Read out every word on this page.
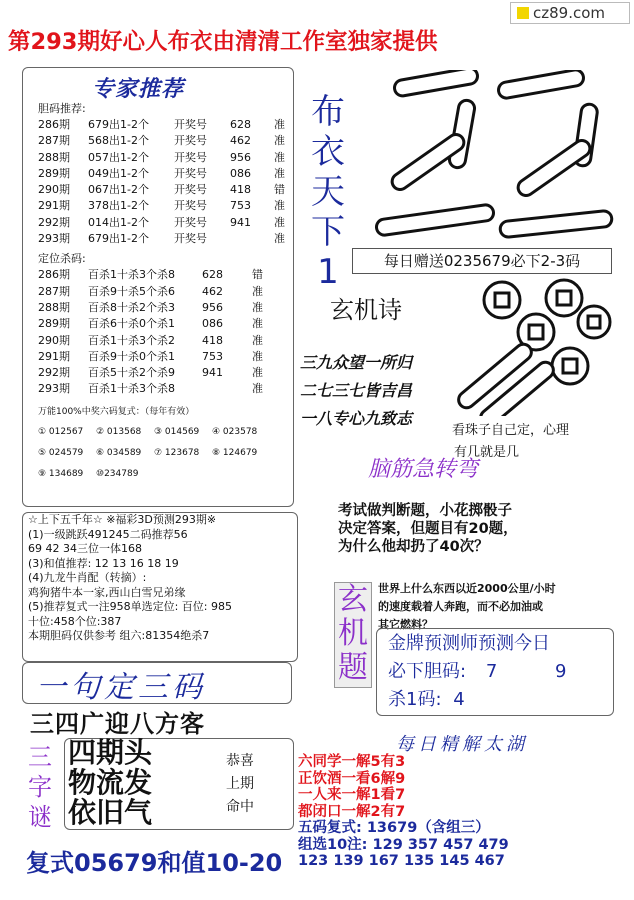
cz89.com
第293期好心人布衣由清清工作室独家提供
专家推荐
胆码推荐:
286期 679出1-2个 开奖号 628 准
287期 568出1-2个 开奖号 462 准
288期 057出1-2个 开奖号 956 准
289期 049出1-2个 开奖号 086 准
290期 067出1-2个 开奖号 418 错
291期 378出1-2个 开奖号 753 准
292期 014出1-2个 开奖号 941 准
293期 679出1-2个 开奖号	准
定位杀码:
286期 百杀1十杀3个杀8 628	错
287期 百杀9十杀5个杀6 462	准
288期 百杀8十杀2个杀3 956	准
289期 百杀6十杀0个杀1 086	准
290期 百杀1十杀3个杀2 418	准
291期 百杀9十杀0个杀1 753	准
292期 百杀5十杀2个杀9 941	准
293期 百杀1十杀3个杀8	准
万能100%中奖六码复式：（每年有效）
① 012567 ② 013568 ③ 014569 ④ 023578⑤ 024579 ⑥ 034589 ⑦ 123678 ⑧ 124679⑨ 134689 ⑩234789
☆上下五千年☆ ※福彩3D预测293期※
(1)一级跳跃491245二码推荐56
69 42 34三位一体168
(3)和值推荐: 12 13 16 18 19
(4)九龙牛肖配（转摘）:
鸡狗猪牛本一家,西山白雪兄弟缘
(5)推荐复式一注958单选定位: 百位: 985
十位:458个位:387
本期胆码仅供参考 组六:81354绝杀7
布
衣
天
下
1	每日赠送0235679必下2-3码
玄机诗
三九众望一所归
二七三七皆吉昌
一八专心九致志
看珠子自己定，心理
有几就是几
脑筋急转弯
考试做判断题，小花掷骰子
决定答案，但题目有20题，
为什么他却扔了40次？
玄
机
题
世界上什么东西以近2000公里/小时
的速度载着人奔跑，而不必加油或
其它燃料？
金牌预测师预测今日
必下胆码: 7	9
杀1码: 4
每日精解太湖
六同学一解5有3
正饮酒一看6解9
一人来一解1看7
都闭口一解2有7
五码复式: 13679（含组三）
组选10注: 129 357 457 479
123 139 167 135 145 467
一句定三码
三四广迎八方客
三
字
谜
四期头
物流发
依旧气
恭喜
上期
命中
复式05679和值10-20
